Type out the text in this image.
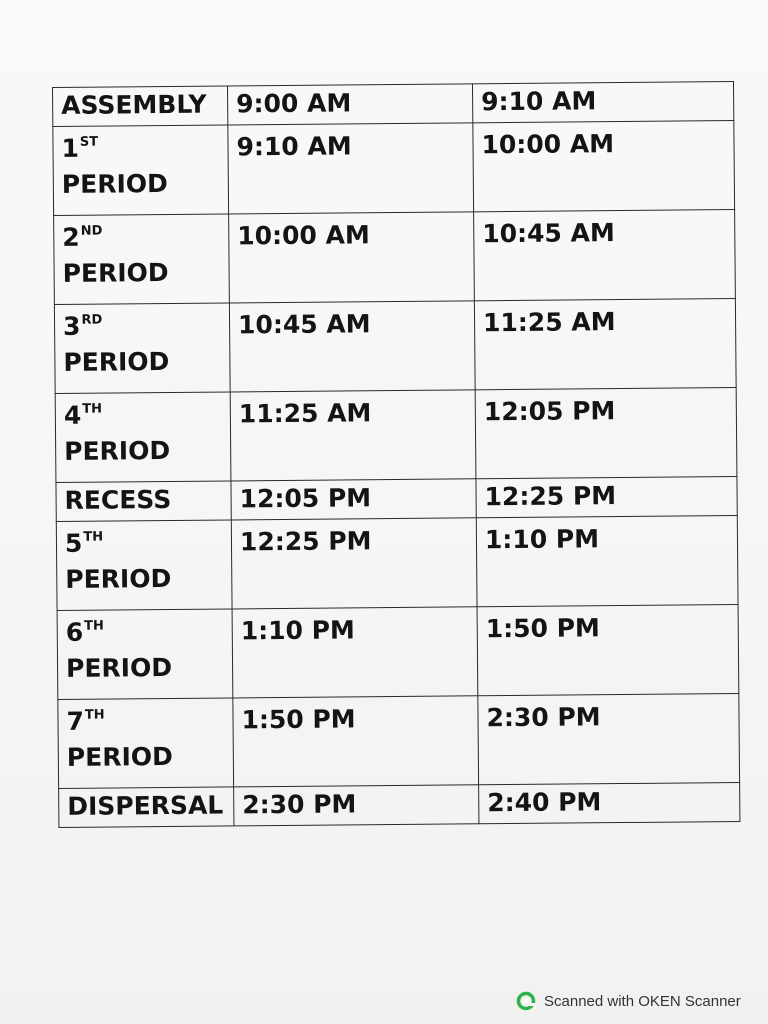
ASSEMBLY	9:00 AM	9:10 AM

1ST
PERIOD	9:10 AM	10:00 AM

2ND
PERIOD	10:00 AM	10:45 AM

3RD
PERIOD	10:45 AM	11:25 AM

4TH
PERIOD	11:25 AM	12:05 PM
RECESS	12:05 PM	12:25 PM

5TH
PERIOD	12:25 PM	1:10 PM

6TH
PERIOD	1:10 PM	1:50 PM

7TH
PERIOD	1:50 PM	2:30 PM
DISPERSAL	2:30 PM	2:40 PM
Scanned with OKEN Scanner
